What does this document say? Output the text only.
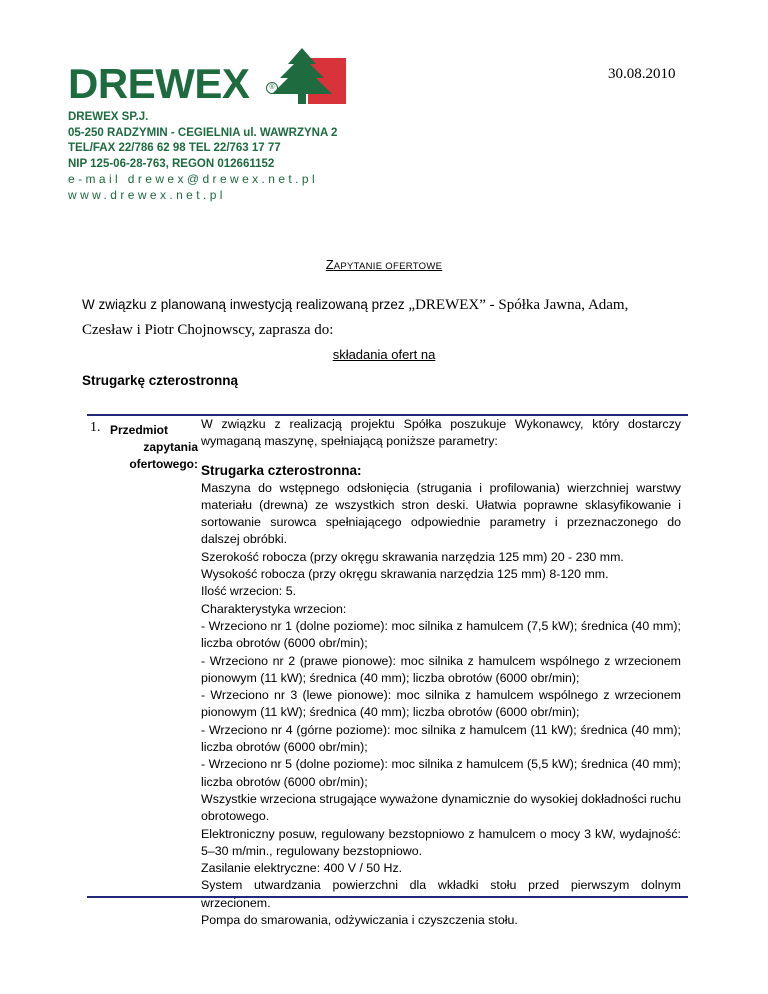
30.08.2010
DREWEX	®
DREWEX SP.J.
05-250 RADZYMIN - CEGIELNIA ul. WAWRZYNA 2
TEL/FAX 22/786 62 98 TEL 22/763 17 77
NIP 125-06-28-763, REGON 012661152
e-mail drewex@drewex.net.pl
www.drewex.net.pl
ZAPYTANIE OFERTOWE
W związku z planowaną inwestycją realizowaną przez „DREWEX” - Spółka Jawna, Adam,
Czesław i Piotr Chojnowscy, zaprasza do:
składania ofert na
Strugarkę czterostronną
1. Przedmiot
zapytania
ofertowego:

W związku z realizacją projektu Spółka poszukuje Wykonawcy, który dostarczy wymaganą maszynę, spełniającą poniższe parametry:

Strugarka czterostronna:

Maszyna do wstępnego odsłonięcia (strugania i profilowania) wierzchniej warstwy materiału (drewna) ze wszystkich stron deski. Ułatwia poprawne sklasyfikowanie i sortowanie surowca spełniającego odpowiednie parametry i przeznaczonego do dalszej obróbki.

Szerokość robocza (przy okręgu skrawania narzędzia 125 mm) 20 - 230 mm.

Wysokość robocza (przy okręgu skrawania narzędzia 125 mm) 8-120 mm.

Ilość wrzecion: 5.

Charakterystyka wrzecion:

- Wrzeciono nr 1 (dolne poziome): moc silnika z hamulcem (7,5 kW); średnica (40 mm); liczba obrotów (6000 obr/min);

- Wrzeciono nr 2 (prawe pionowe): moc silnika z hamulcem wspólnego z wrzecionem pionowym (11 kW); średnica (40 mm); liczba obrotów (6000 obr/min);

- Wrzeciono nr 3 (lewe pionowe): moc silnika z hamulcem wspólnego z wrzecionem pionowym (11 kW); średnica (40 mm); liczba obrotów (6000 obr/min);

- Wrzeciono nr 4 (górne poziome): moc silnika z hamulcem (11 kW); średnica (40 mm); liczba obrotów (6000 obr/min);

- Wrzeciono nr 5 (dolne poziome): moc silnika z hamulcem (5,5 kW); średnica (40 mm); liczba obrotów (6000 obr/min);

Wszystkie wrzeciona strugające wyważone dynamicznie do wysokiej dokładności ruchu obrotowego.

Elektroniczny posuw, regulowany bezstopniowo z hamulcem o mocy 3 kW, wydajność: 5–30 m/min., regulowany bezstopniowo.

Zasilanie elektryczne: 400 V / 50 Hz.

System utwardzania powierzchni dla wkładki stołu przed pierwszym dolnym wrzecionem.

Pompa do smarowania, odżywiczania i czyszczenia stołu.
